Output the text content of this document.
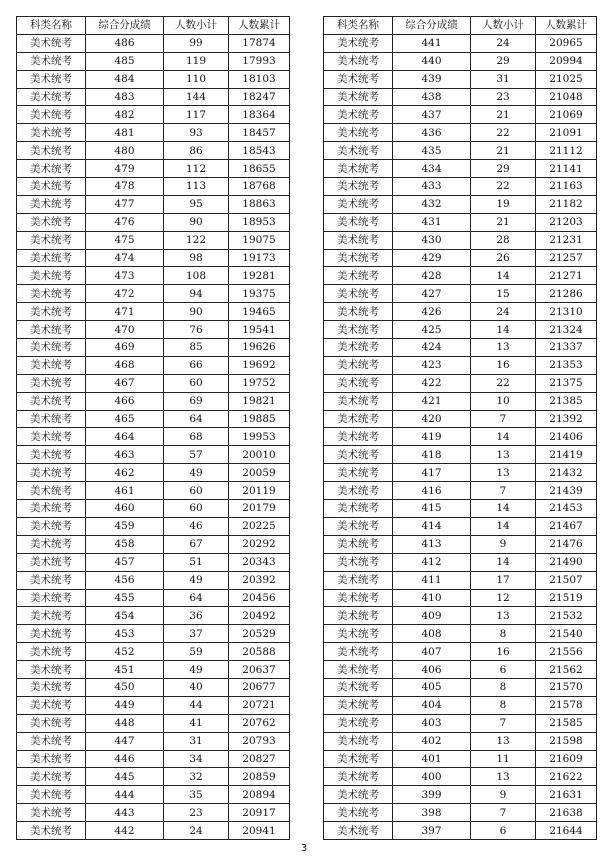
科类名称	综合分成绩	人数小计	人数累计
美术统考	486	99	17874
美术统考	485	119	17993
美术统考	484	110	18103
美术统考	483	144	18247
美术统考	482	117	18364
美术统考	481	93	18457
美术统考	480	86	18543
美术统考	479	112	18655
美术统考	478	113	18768
美术统考	477	95	18863
美术统考	476	90	18953
美术统考	475	122	19075
美术统考	474	98	19173
美术统考	473	108	19281
美术统考	472	94	19375
美术统考	471	90	19465
美术统考	470	76	19541
美术统考	469	85	19626
美术统考	468	66	19692
美术统考	467	60	19752
美术统考	466	69	19821
美术统考	465	64	19885
美术统考	464	68	19953
美术统考	463	57	20010
美术统考	462	49	20059
美术统考	461	60	20119
美术统考	460	60	20179
美术统考	459	46	20225
美术统考	458	67	20292
美术统考	457	51	20343
美术统考	456	49	20392
美术统考	455	64	20456
美术统考	454	36	20492
美术统考	453	37	20529
美术统考	452	59	20588
美术统考	451	49	20637
美术统考	450	40	20677
美术统考	449	44	20721
美术统考	448	41	20762
美术统考	447	31	20793
美术统考	446	34	20827
美术统考	445	32	20859
美术统考	444	35	20894
美术统考	443	23	20917
美术统考	442	24	20941
科类名称	综合分成绩	人数小计	人数累计
美术统考	441	24	20965
美术统考	440	29	20994
美术统考	439	31	21025
美术统考	438	23	21048
美术统考	437	21	21069
美术统考	436	22	21091
美术统考	435	21	21112
美术统考	434	29	21141
美术统考	433	22	21163
美术统考	432	19	21182
美术统考	431	21	21203
美术统考	430	28	21231
美术统考	429	26	21257
美术统考	428	14	21271
美术统考	427	15	21286
美术统考	426	24	21310
美术统考	425	14	21324
美术统考	424	13	21337
美术统考	423	16	21353
美术统考	422	22	21375
美术统考	421	10	21385
美术统考	420	7	21392
美术统考	419	14	21406
美术统考	418	13	21419
美术统考	417	13	21432
美术统考	416	7	21439
美术统考	415	14	21453
美术统考	414	14	21467
美术统考	413	9	21476
美术统考	412	14	21490
美术统考	411	17	21507
美术统考	410	12	21519
美术统考	409	13	21532
美术统考	408	8	21540
美术统考	407	16	21556
美术统考	406	6	21562
美术统考	405	8	21570
美术统考	404	8	21578
美术统考	403	7	21585
美术统考	402	13	21598
美术统考	401	11	21609
美术统考	400	13	21622
美术统考	399	9	21631
美术统考	398	7	21638
美术统考	397	6	21644
3
